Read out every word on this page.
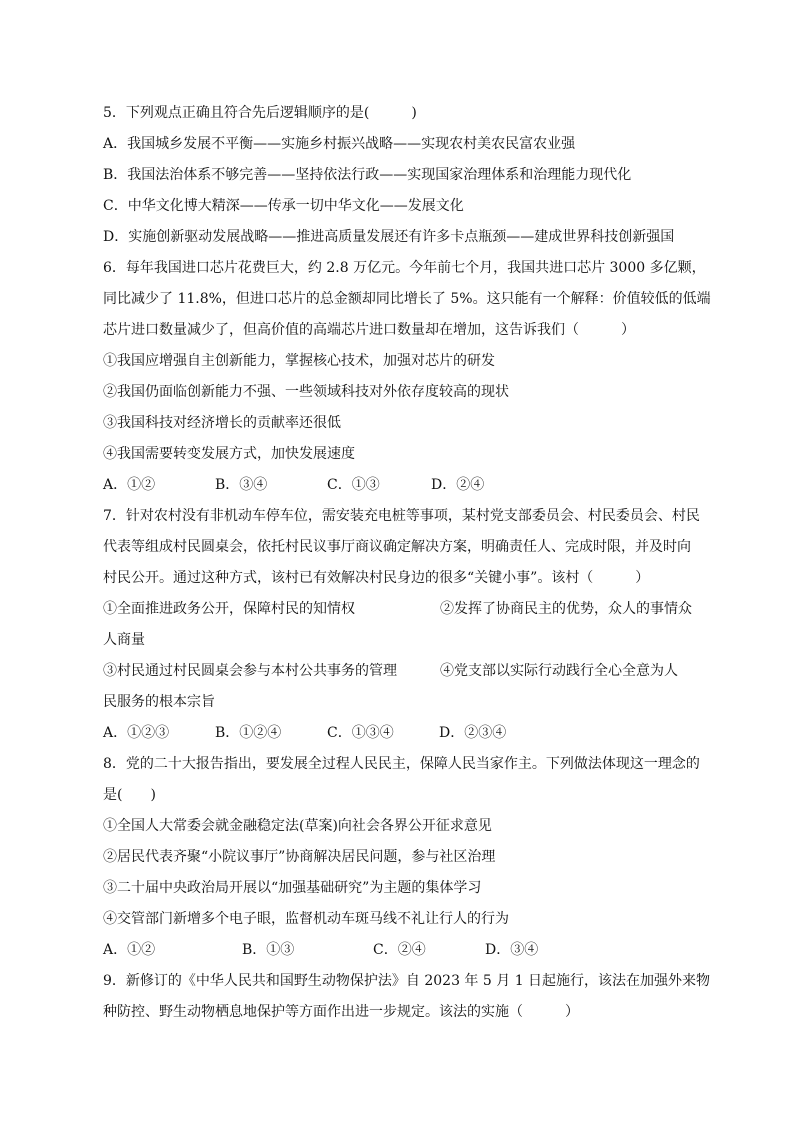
5．下列观点正确且符合先后逻辑顺序的是(　　　)
A．我国城乡发展不平衡——实施乡村振兴战略——实现农村美农民富农业强
B．我国法治体系不够完善——坚持依法行政——实现国家治理体系和治理能力现代化
C．中华文化博大精深——传承一切中华文化——发展文化
D．实施创新驱动发展战略——推进高质量发展还有许多卡点瓶颈——建成世界科技创新强国
6．每年我国进口芯片花费巨大，约 2.8 万亿元。今年前七个月，我国共进口芯片 3000 多亿颗，
同比减少了 11.8%，但进口芯片的总金额却同比增长了 5%。这只能有一个解释：价值较低的低端
芯片进口数量减少了，但高价值的高端芯片进口数量却在增加，这告诉我们（　　　）
①我国应增强自主创新能力，掌握核心技术，加强对芯片的研发
②我国仍面临创新能力不强、一些领域科技对外依存度较高的现状
③我国科技对经济增长的贡献率还很低
④我国需要转变发展方式，加快发展速度
A．①②	B．③④	C．①③	D．②④
7．针对农村没有非机动车停车位，需安装充电桩等事项，某村党支部委员会、村民委员会、村民
代表等组成村民圆桌会，依托村民议事厅商议确定解决方案，明确责任人、完成时限，并及时向
村民公开。通过这种方式，该村已有效解决村民身边的很多“关键小事”。该村（　　　）
①全面推进政务公开，保障村民的知情权	②发挥了协商民主的优势，众人的事情众
人商量
③村民通过村民圆桌会参与本村公共事务的管理	④党支部以实际行动践行全心全意为人
民服务的根本宗旨
A．①②③	B．①②④	C．①③④	D．②③④
8．党的二十大报告指出，要发展全过程人民民主，保障人民当家作主。下列做法体现这一理念的
是(　　)
①全国人大常委会就金融稳定法(草案)向社会各界公开征求意见
②居民代表齐聚“小院议事厅”协商解决居民问题，参与社区治理
③二十届中央政治局开展以“加强基础研究”为主题的集体学习
④交管部门新增多个电子眼，监督机动车斑马线不礼让行人的行为
A．①②	B．①③	C．②④	D．③④
9．新修订的《中华人民共和国野生动物保护法》自 2023 年 5 月 1 日起施行，该法在加强外来物
种防控、野生动物栖息地保护等方面作出进一步规定。该法的实施（　　　）
